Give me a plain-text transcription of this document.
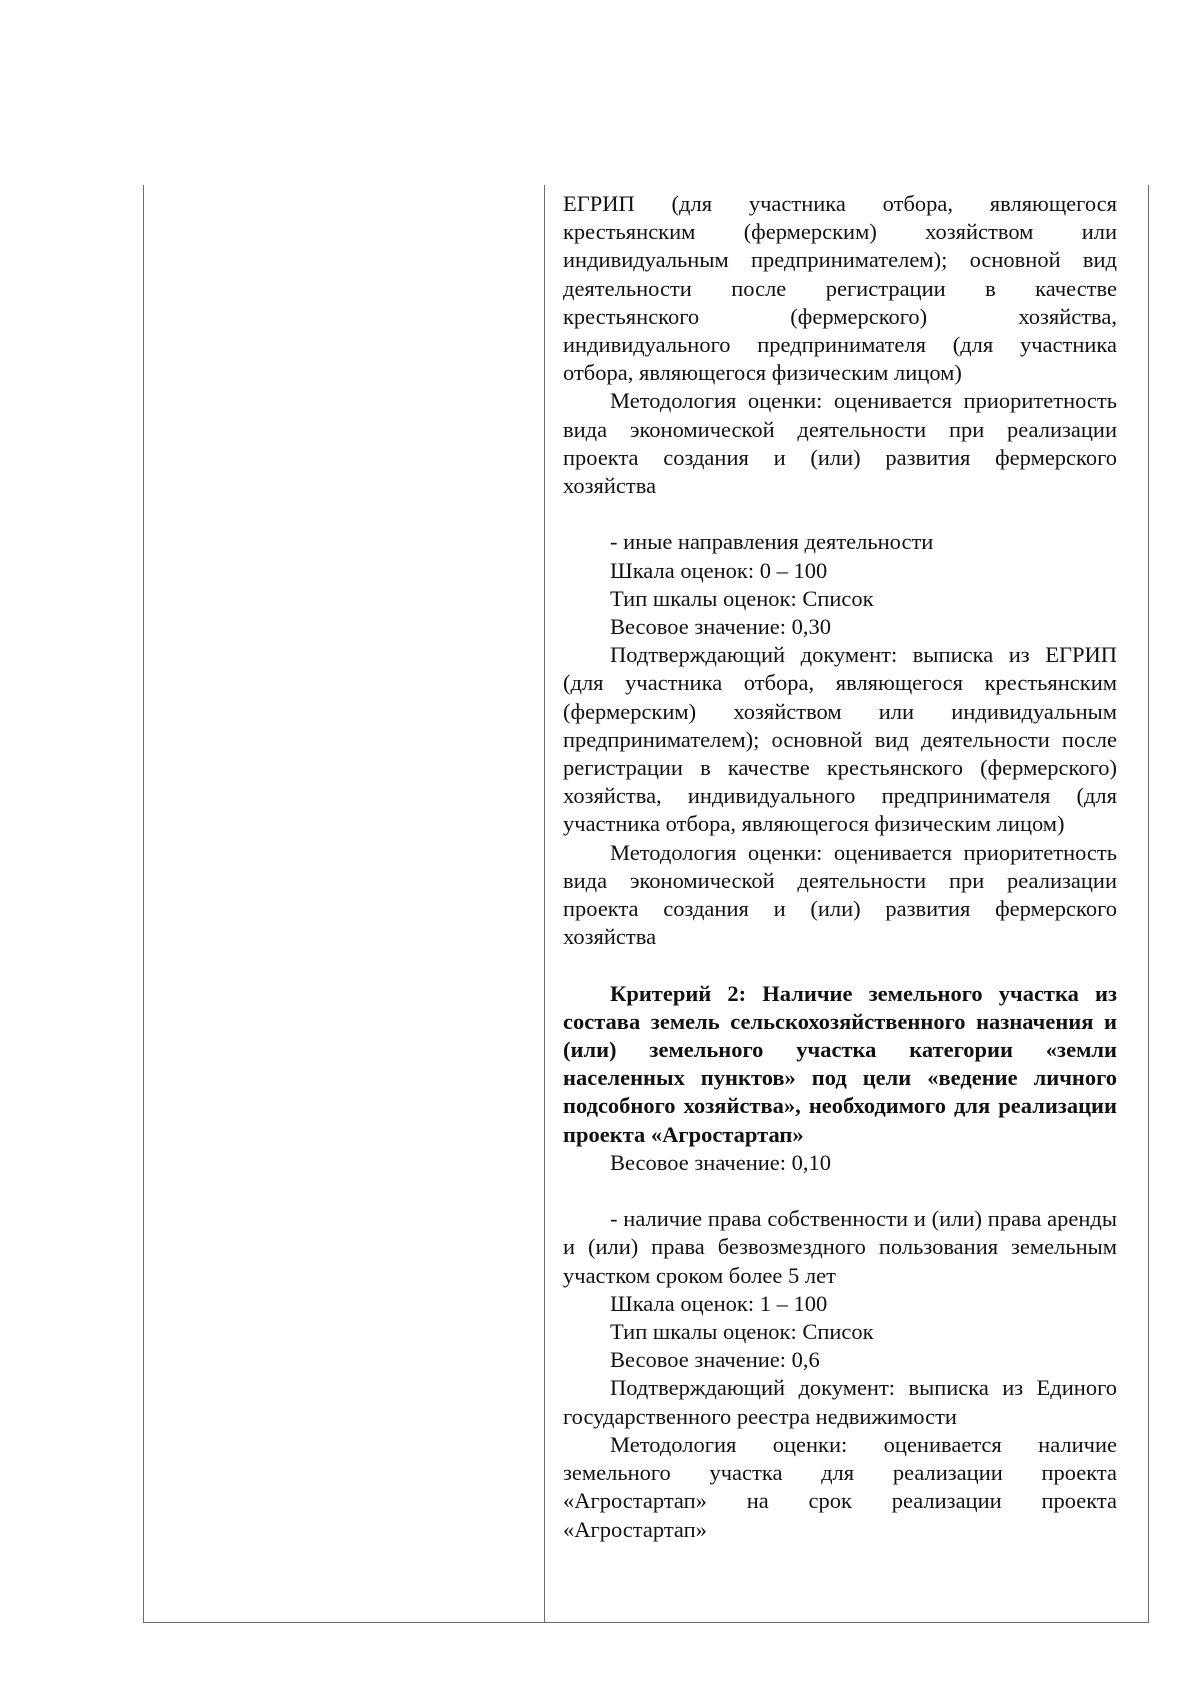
ЕГРИП (для участника отбора, являющегося крестьянским (фермерским) хозяйством или индивидуальным предпринимателем); основной вид деятельности после регистрации в качестве крестьянского (фермерского) хозяйства, индивидуального предпринимателя (для участника отбора, являющегося физическим лицом)

Методология оценки: оценивается приоритетность вида экономической деятельности при реализации проекта создания и (или) развития фермерского хозяйства

- иные направления деятельности

Шкала оценок: 0 – 100

Тип шкалы оценок: Список

Весовое значение: 0,30

Подтверждающий документ: выписка из ЕГРИП (для участника отбора, являющегося крестьянским (фермерским) хозяйством или индивидуальным предпринимателем); основной вид деятельности после регистрации в качестве крестьянского (фермерского) хозяйства, индивидуального предпринимателя (для участника отбора, являющегося физическим лицом)

Методология оценки: оценивается приоритетность вида экономической деятельности при реализации проекта создания и (или) развития фермерского хозяйства

Критерий 2: Наличие земельного участка из состава земель сельскохозяйственного назначения и (или) земельного участка категории «земли населенных пунктов» под цели «ведение личного подсобного хозяйства», необходимого для реализации проекта «Агростартап»

Весовое значение: 0,10

- наличие права собственности и (или) права аренды и (или) права безвозмездного пользования земельным участком сроком более 5 лет

Шкала оценок: 1 – 100

Тип шкалы оценок: Список

Весовое значение: 0,6

Подтверждающий документ: выписка из Единого государственного реестра недвижимости

Методология оценки: оценивается наличие земельного участка для реализации проекта «Агростартап» на срок реализации проекта «Агростартап»
